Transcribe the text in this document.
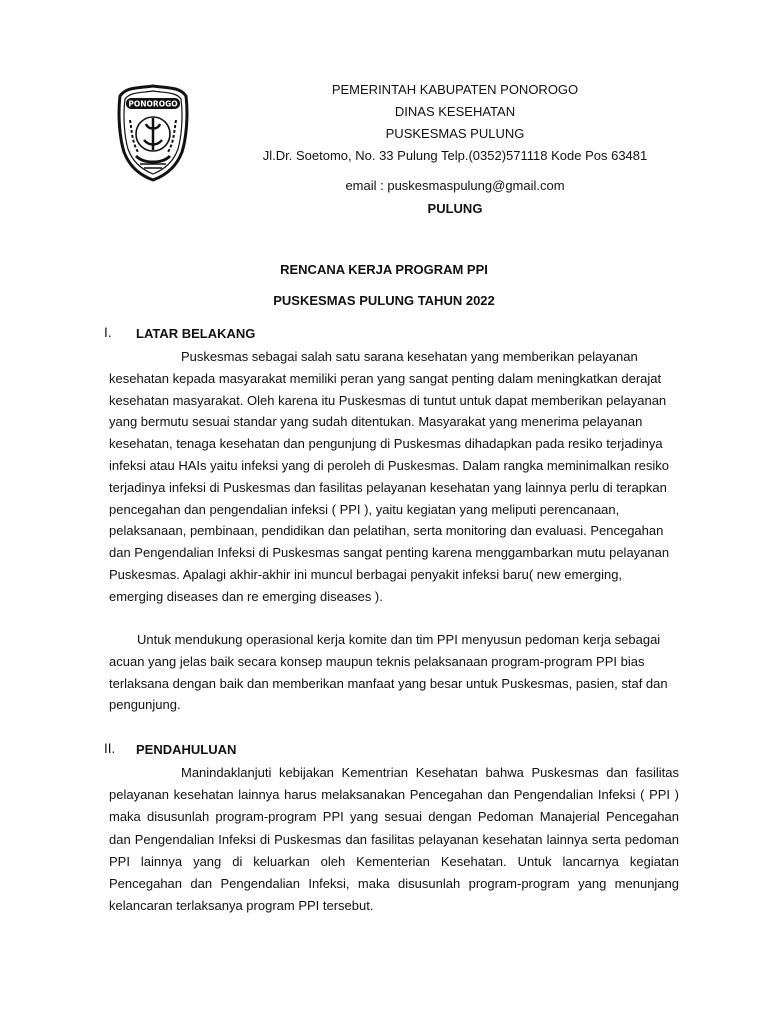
PONOROGO
PEMERINTAH KABUPATEN PONOROGO
DINAS KESEHATAN
PUSKESMAS PULUNG
Jl.Dr. Soetomo, No. 33 Pulung Telp.(0352)571118 Kode Pos 63481
email : puskesmaspulung@gmail.com
PULUNG
RENCANA KERJA PROGRAM PPI
PUSKESMAS PULUNG TAHUN 2022
I. LATAR BELAKANG

Puskesmas sebagai salah satu sarana kesehatan yang memberikan pelayanan kesehatan kepada masyarakat memiliki peran yang sangat penting dalam meningkatkan derajat kesehatan masyarakat. Oleh karena itu Puskesmas di tuntut untuk dapat memberikan pelayanan yang bermutu sesuai standar yang sudah ditentukan. Masyarakat yang menerima pelayanan kesehatan, tenaga kesehatan dan pengunjung di Puskesmas dihadapkan pada resiko terjadinya infeksi atau HAIs yaitu infeksi yang di peroleh di Puskesmas. Dalam rangka meminimalkan resiko terjadinya infeksi di Puskesmas dan fasilitas pelayanan kesehatan yang lainnya perlu di terapkan pencegahan dan pengendalian infeksi ( PPI ), yaitu kegiatan yang meliputi perencanaan, pelaksanaan, pembinaan, pendidikan dan pelatihan, serta monitoring dan evaluasi. Pencegahan dan Pengendalian Infeksi di Puskesmas sangat penting karena menggambarkan mutu pelayanan Puskesmas. Apalagi akhir-akhir ini muncul berbagai penyakit infeksi baru( new emerging, emerging diseases dan re emerging diseases ).

Untuk mendukung operasional kerja komite dan tim PPI menyusun pedoman kerja sebagai acuan yang jelas baik secara konsep maupun teknis pelaksanaan program-program PPI bias terlaksana dengan baik dan memberikan manfaat yang besar untuk Puskesmas, pasien, staf dan pengunjung.

II. PENDAHULUAN

Manindaklanjuti kebijakan Kementrian Kesehatan bahwa Puskesmas dan fasilitas pelayanan kesehatan lainnya harus melaksanakan Pencegahan dan Pengendalian Infeksi ( PPI ) maka disusunlah program-program PPI yang sesuai dengan Pedoman Manajerial Pencegahan dan Pengendalian Infeksi di Puskesmas dan fasilitas pelayanan kesehatan lainnya serta pedoman PPI lainnya yang di keluarkan oleh Kementerian Kesehatan. Untuk lancarnya kegiatan Pencegahan dan Pengendalian Infeksi, maka disusunlah program-program yang menunjang kelancaran terlaksanya program PPI tersebut.
